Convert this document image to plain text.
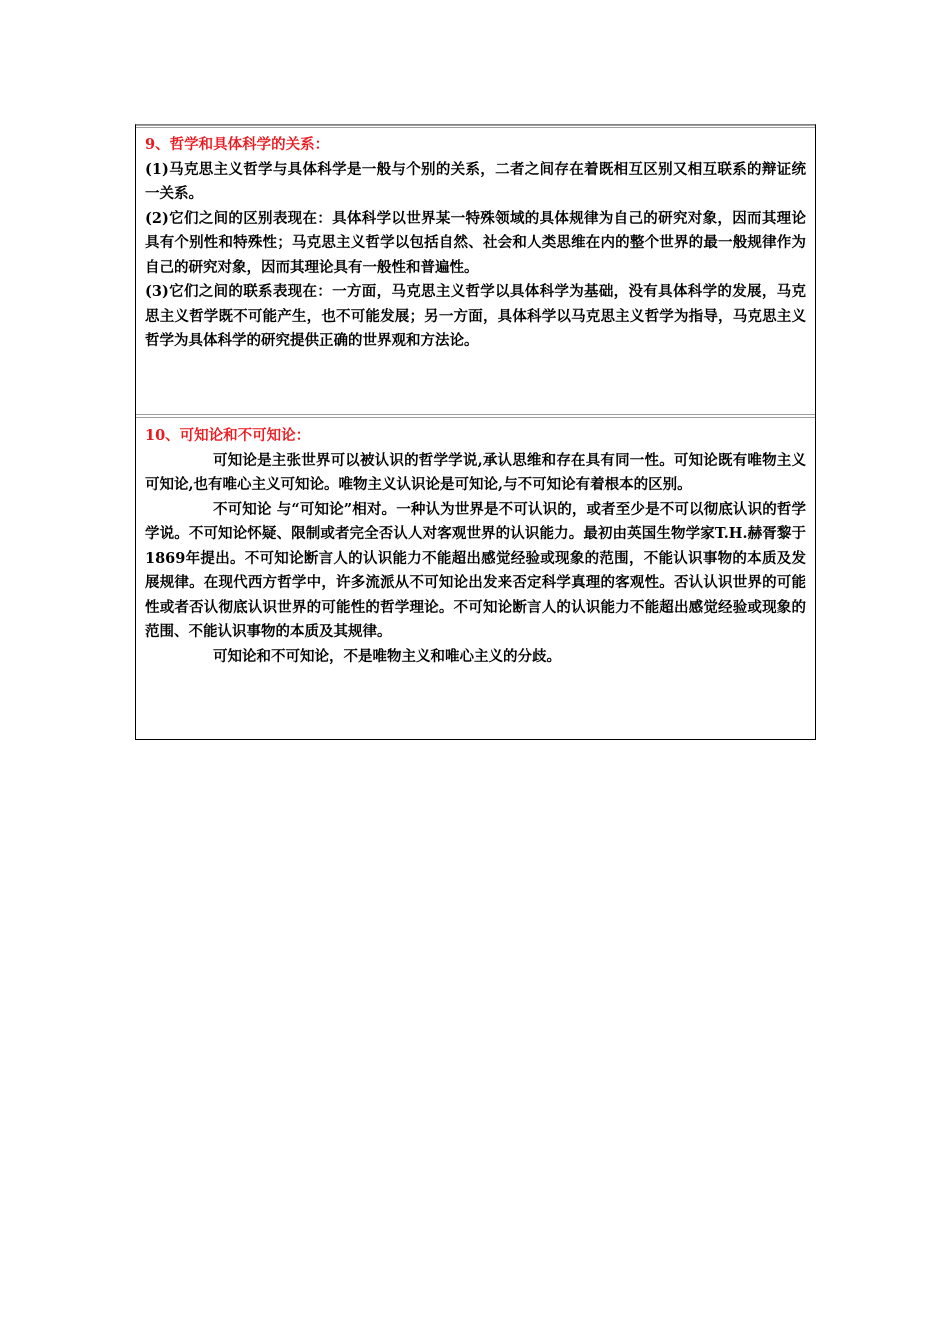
9、哲学和具体科学的关系：

(1)马克思主义哲学与具体科学是一般与个别的关系，二者之间存在着既相互区别又相互联系的辩证统一关系。

(2)它们之间的区别表现在：具体科学以世界某一特殊领域的具体规律为自己的研究对象，因而其理论具有个别性和特殊性；马克思主义哲学以包括自然、社会和人类思维在内的整个世界的最一般规律作为自己的研究对象，因而其理论具有一般性和普遍性。

(3)它们之间的联系表现在：一方面，马克思主义哲学以具体科学为基础，没有具体科学的发展，马克思主义哲学既不可能产生，也不可能发展；另一方面，具体科学以马克思主义哲学为指导，马克思主义哲学为具体科学的研究提供正确的世界观和方法论。

10、可知论和不可知论：

可知论是主张世界可以被认识的哲学学说,承认思维和存在具有同一性。可知论既有唯物主义可知论,也有唯心主义可知论。唯物主义认识论是可知论,与不可知论有着根本的区别。

不可知论 与“可知论”相对。一种认为世界是不可认识的，或者至少是不可以彻底认识的哲学学说。不可知论怀疑、限制或者完全否认人对客观世界的认识能力。最初由英国生物学家T.H.赫胥黎于1869年提出。不可知论断言人的认识能力不能超出感觉经验或现象的范围，不能认识事物的本质及发展规律。在现代西方哲学中，许多流派从不可知论出发来否定科学真理的客观性。否认认识世界的可能性或者否认彻底认识世界的可能性的哲学理论。不可知论断言人的认识能力不能超出感觉经验或现象的范围、不能认识事物的本质及其规律。

可知论和不可知论，不是唯物主义和唯心主义的分歧。
